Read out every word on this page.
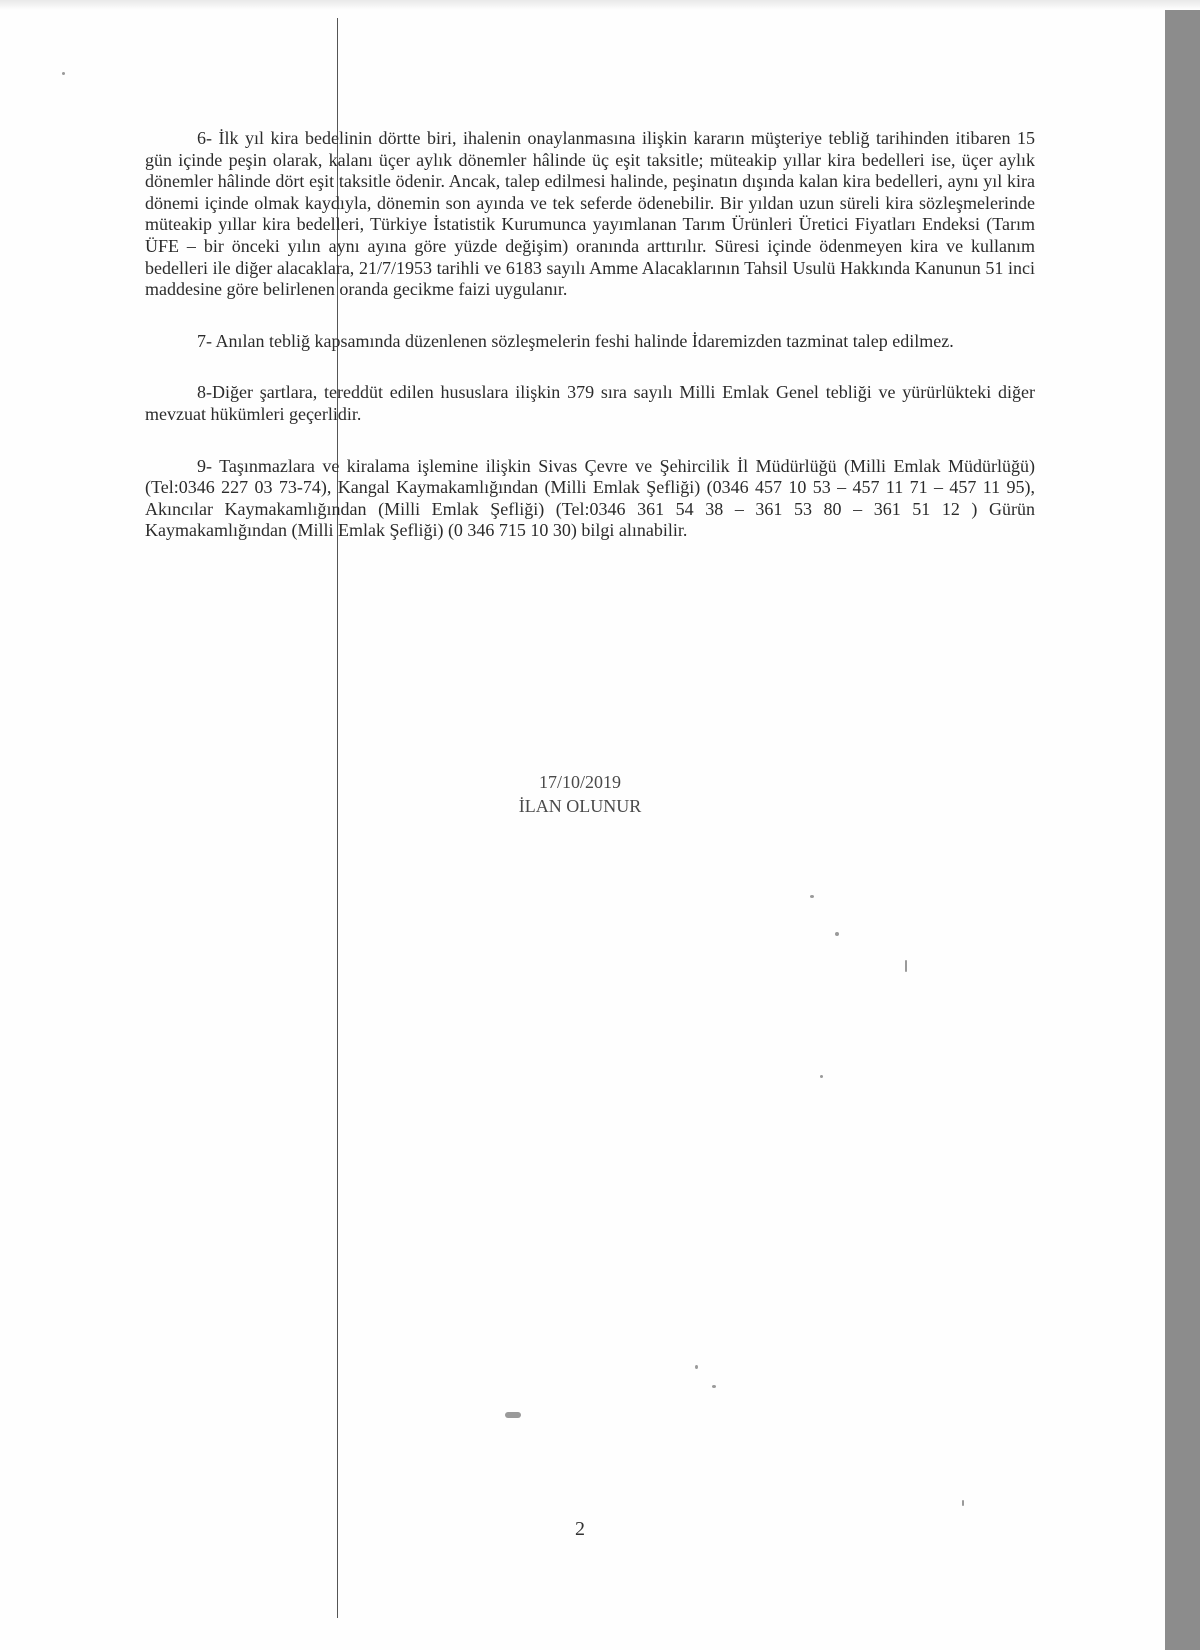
6- İlk yıl kira bedelinin dörtte biri, ihalenin onaylanmasına ilişkin kararın müşteriye tebliğ tarihinden itibaren 15 gün içinde peşin olarak, kalanı üçer aylık dönemler hâlinde üç eşit taksitle; müteakip yıllar kira bedelleri ise, üçer aylık dönemler hâlinde dört eşit taksitle ödenir. Ancak, talep edilmesi halinde, peşinatın dışında kalan kira bedelleri, aynı yıl kira dönemi içinde olmak kaydıyla, dönemin son ayında ve tek seferde ödenebilir. Bir yıldan uzun süreli kira sözleşmelerinde müteakip yıllar kira bedelleri, Türkiye İstatistik Kurumunca yayımlanan Tarım Ürünleri Üretici Fiyatları Endeksi (Tarım ÜFE – bir önceki yılın aynı ayına göre yüzde değişim) oranında arttırılır. Süresi içinde ödenmeyen kira ve kullanım bedelleri ile diğer alacaklara, 21/7/1953 tarihli ve 6183 sayılı Amme Alacaklarının Tahsil Usulü Hakkında Kanunun 51 inci maddesine göre belirlenen oranda gecikme faizi uygulanır.

7- Anılan tebliğ kapsamında düzenlenen sözleşmelerin feshi halinde İdaremizden tazminat talep edilmez.

8-Diğer şartlara, tereddüt edilen hususlara ilişkin 379 sıra sayılı Milli Emlak Genel tebliği ve yürürlükteki diğer mevzuat hükümleri geçerlidir.

9- Taşınmazlara ve kiralama işlemine ilişkin Sivas Çevre ve Şehircilik İl Müdürlüğü (Milli Emlak Müdürlüğü) (Tel:0346 227 03 73-74), Kangal Kaymakamlığından (Milli Emlak Şefliği) (0346 457 10 53 – 457 11 71 – 457 11 95), Akıncılar Kaymakamlığından (Milli Emlak Şefliği) (Tel:0346 361 54 38 – 361 53 80 – 361 51 12 ) Gürün Kaymakamlığından (Milli Emlak Şefliği) (0 346 715 10 30) bilgi alınabilir.

17/10/2019
İLAN OLUNUR
2
